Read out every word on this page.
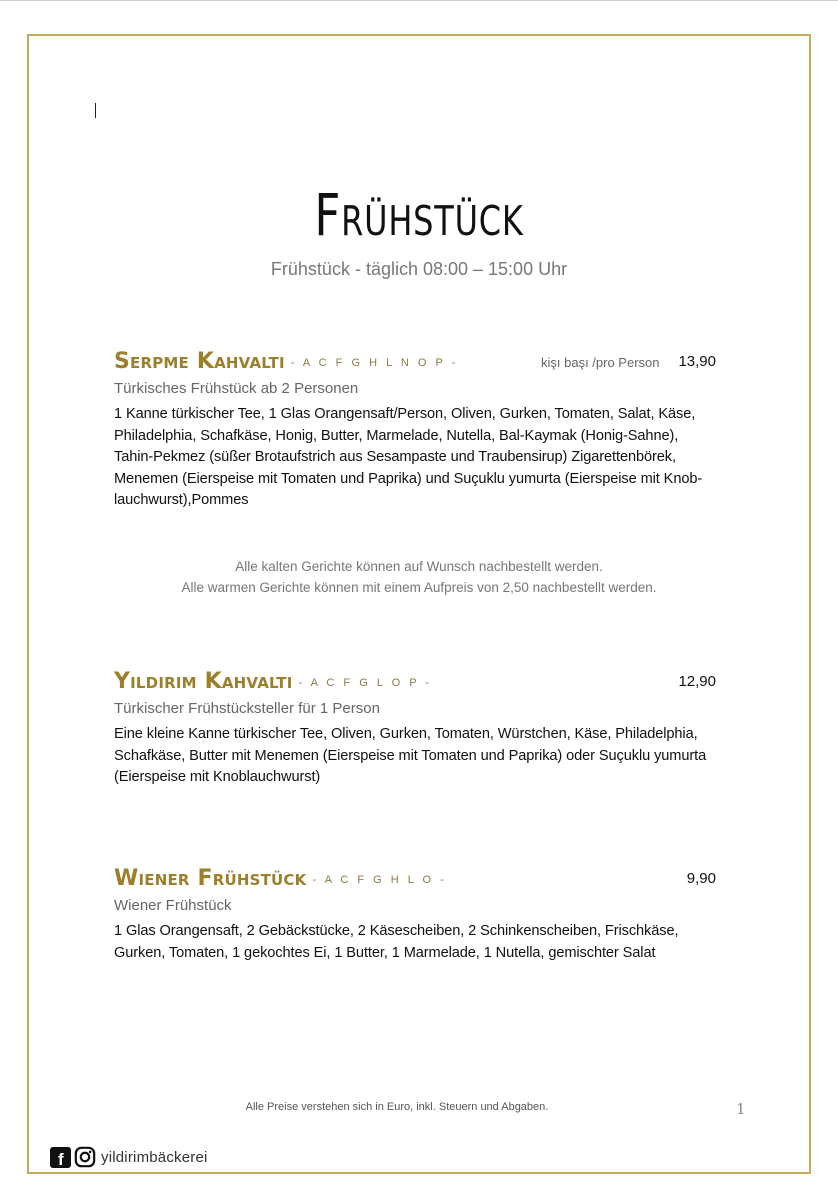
Frühstück
Frühstück - täglich 08:00 – 15:00 Uhr
Serpme Kahvalti - A C F G H L N O P -	kişı başı /pro Person 13,90
Türkisches Frühstück ab 2 Personen
1 Kanne türkischer Tee, 1 Glas Orangensaft/Person, Oliven, Gurken, Tomaten, Salat, Käse, Philadelphia, Schafkäse, Honig, Butter, Marmelade, Nutella, Bal-Kaymak (Honig-Sahne), Tahin-Pekmez (süßer Brotaufstrich aus Sesampaste und Traubensirup) Zigarettenbörek, Menemen (Eierspeise mit Tomaten und Paprika) und Suçuklu yumurta (Eierspeise mit Knob-lauchwurst),Pommes
Alle kalten Gerichte können auf Wunsch nachbestellt werden.
Alle warmen Gerichte können mit einem Aufpreis von 2,50 nachbestellt werden.
Yildirim Kahvalti - A C F G L O P -	12,90
Türkischer Frühstücksteller für 1 Person
Eine kleine Kanne türkischer Tee, Oliven, Gurken, Tomaten, Würstchen, Käse, Philadelphia, Schafkäse, Butter mit Menemen (Eierspeise mit Tomaten und Paprika) oder Suçuklu yumurta (Eierspeise mit Knoblauchwurst)
Wiener Frühstück - A C F G H L O -	9,90
Wiener Frühstück
1 Glas Orangensaft, 2 Gebäckstücke, 2 Käsescheiben, 2 Schinkenscheiben, Frischkäse, Gurken, Tomaten, 1 gekochtes Ei, 1 Butter, 1 Marmelade, 1 Nutella, gemischter Salat
Alle Preise verstehen sich in Euro, inkl. Steuern und Abgaben.	1
f yildirimbäckerei
